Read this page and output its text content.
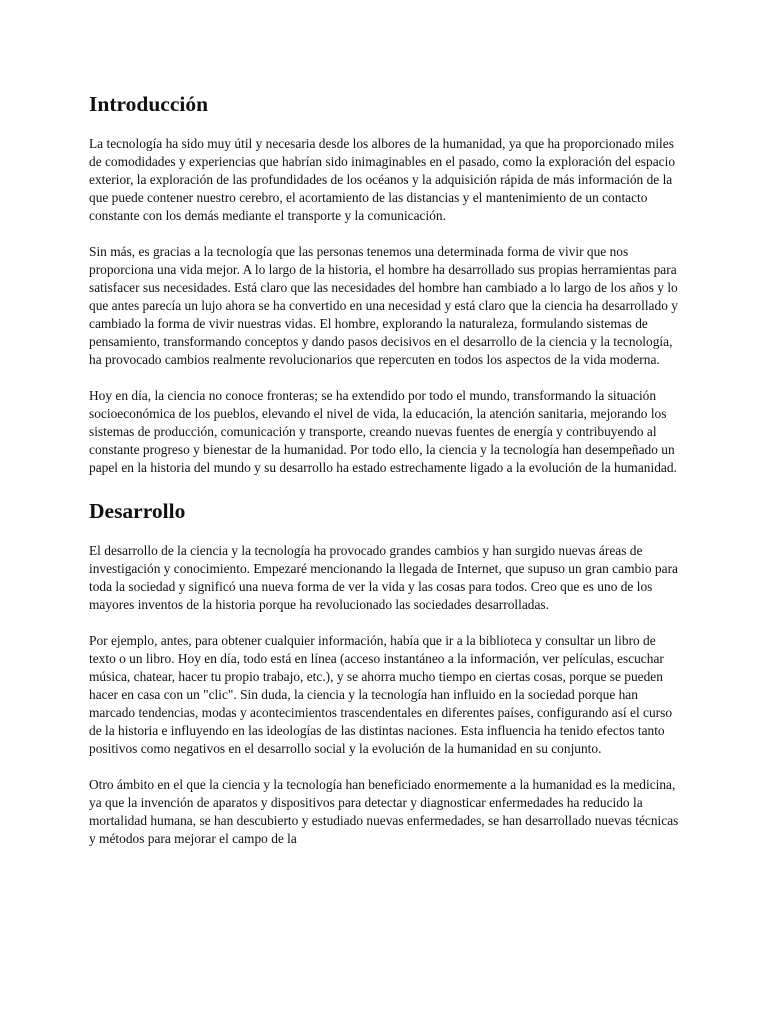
Introducción

La tecnología ha sido muy útil y necesaria desde los albores de la humanidad, ya que ha proporcionado miles de comodidades y experiencias que habrían sido inimaginables en el pasado, como la exploración del espacio exterior, la exploración de las profundidades de los océanos y la adquisición rápida de más información de la que puede contener nuestro cerebro, el acortamiento de las distancias y el mantenimiento de un contacto constante con los demás mediante el transporte y la comunicación.

Sin más, es gracias a la tecnología que las personas tenemos una determinada forma de vivir que nos proporciona una vida mejor. A lo largo de la historia, el hombre ha desarrollado sus propias herramientas para satisfacer sus necesidades. Está claro que las necesidades del hombre han cambiado a lo largo de los años y lo que antes parecía un lujo ahora se ha convertido en una necesidad y está claro que la ciencia ha desarrollado y cambiado la forma de vivir nuestras vidas. El hombre, explorando la naturaleza, formulando sistemas de pensamiento, transformando conceptos y dando pasos decisivos en el desarrollo de la ciencia y la tecnología, ha provocado cambios realmente revolucionarios que repercuten en todos los aspectos de la vida moderna.

Hoy en día, la ciencia no conoce fronteras; se ha extendido por todo el mundo, transformando la situación socioeconómica de los pueblos, elevando el nivel de vida, la educación, la atención sanitaria, mejorando los sistemas de producción, comunicación y transporte, creando nuevas fuentes de energía y contribuyendo al constante progreso y bienestar de la humanidad. Por todo ello, la ciencia y la tecnología han desempeñado un papel en la historia del mundo y su desarrollo ha estado estrechamente ligado a la evolución de la humanidad.

Desarrollo

El desarrollo de la ciencia y la tecnología ha provocado grandes cambios y han surgido nuevas áreas de investigación y conocimiento. Empezaré mencionando la llegada de Internet, que supuso un gran cambio para toda la sociedad y significó una nueva forma de ver la vida y las cosas para todos. Creo que es uno de los mayores inventos de la historia porque ha revolucionado las sociedades desarrolladas.

Por ejemplo, antes, para obtener cualquier información, había que ir a la biblioteca y consultar un libro de texto o un libro. Hoy en día, todo está en línea (acceso instantáneo a la información, ver películas, escuchar música, chatear, hacer tu propio trabajo, etc.), y se ahorra mucho tiempo en ciertas cosas, porque se pueden hacer en casa con un "clic". Sin duda, la ciencia y la tecnología han influido en la sociedad porque han marcado tendencias, modas y acontecimientos trascendentales en diferentes países, configurando así el curso de la historia e influyendo en las ideologías de las distintas naciones. Esta influencia ha tenido efectos tanto positivos como negativos en el desarrollo social y la evolución de la humanidad en su conjunto.

Otro ámbito en el que la ciencia y la tecnología han beneficiado enormemente a la humanidad es la medicina, ya que la invención de aparatos y dispositivos para detectar y diagnosticar enfermedades ha reducido la mortalidad humana, se han descubierto y estudiado nuevas enfermedades, se han desarrollado nuevas técnicas y métodos para mejorar el campo de la
